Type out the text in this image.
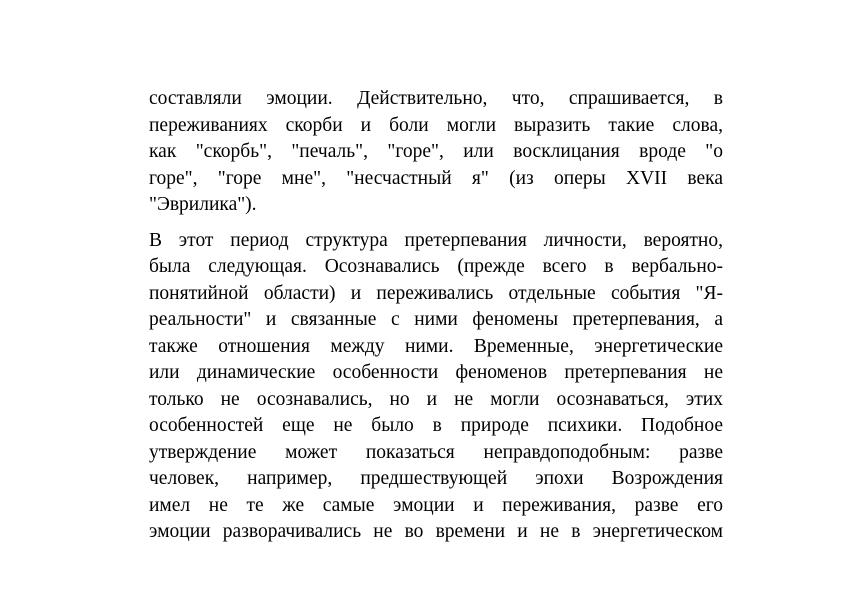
составляли эмоции. Действительно, что, спрашивается, в
переживаниях скорби и боли могли выразить такие слова,
как "скорбь", "печаль", "горе", или восклицания вроде "о
горе", "горе мне", "несчастный я" (из оперы XVII века
"Эврилика").
В этот период структура претерпевания личности, вероятно,
была следующая. Осознавались (прежде всего в вербально-
понятийной области) и переживались отдельные события "Я-
реальности" и связанные с ними феномены претерпевания, а
также отношения между ними. Временные, энергетические
или динамические особенности феноменов претерпевания не
только не осознавались, но и не могли осознаваться, этих
особенностей еще не было в природе психики. Подобное
утверждение может показаться неправдоподобным: разве
человек, например, предшествующей эпохи Возрождения
имел не те же самые эмоции и переживания, разве его
эмоции разворачивались не во времени и не в энергетическом
